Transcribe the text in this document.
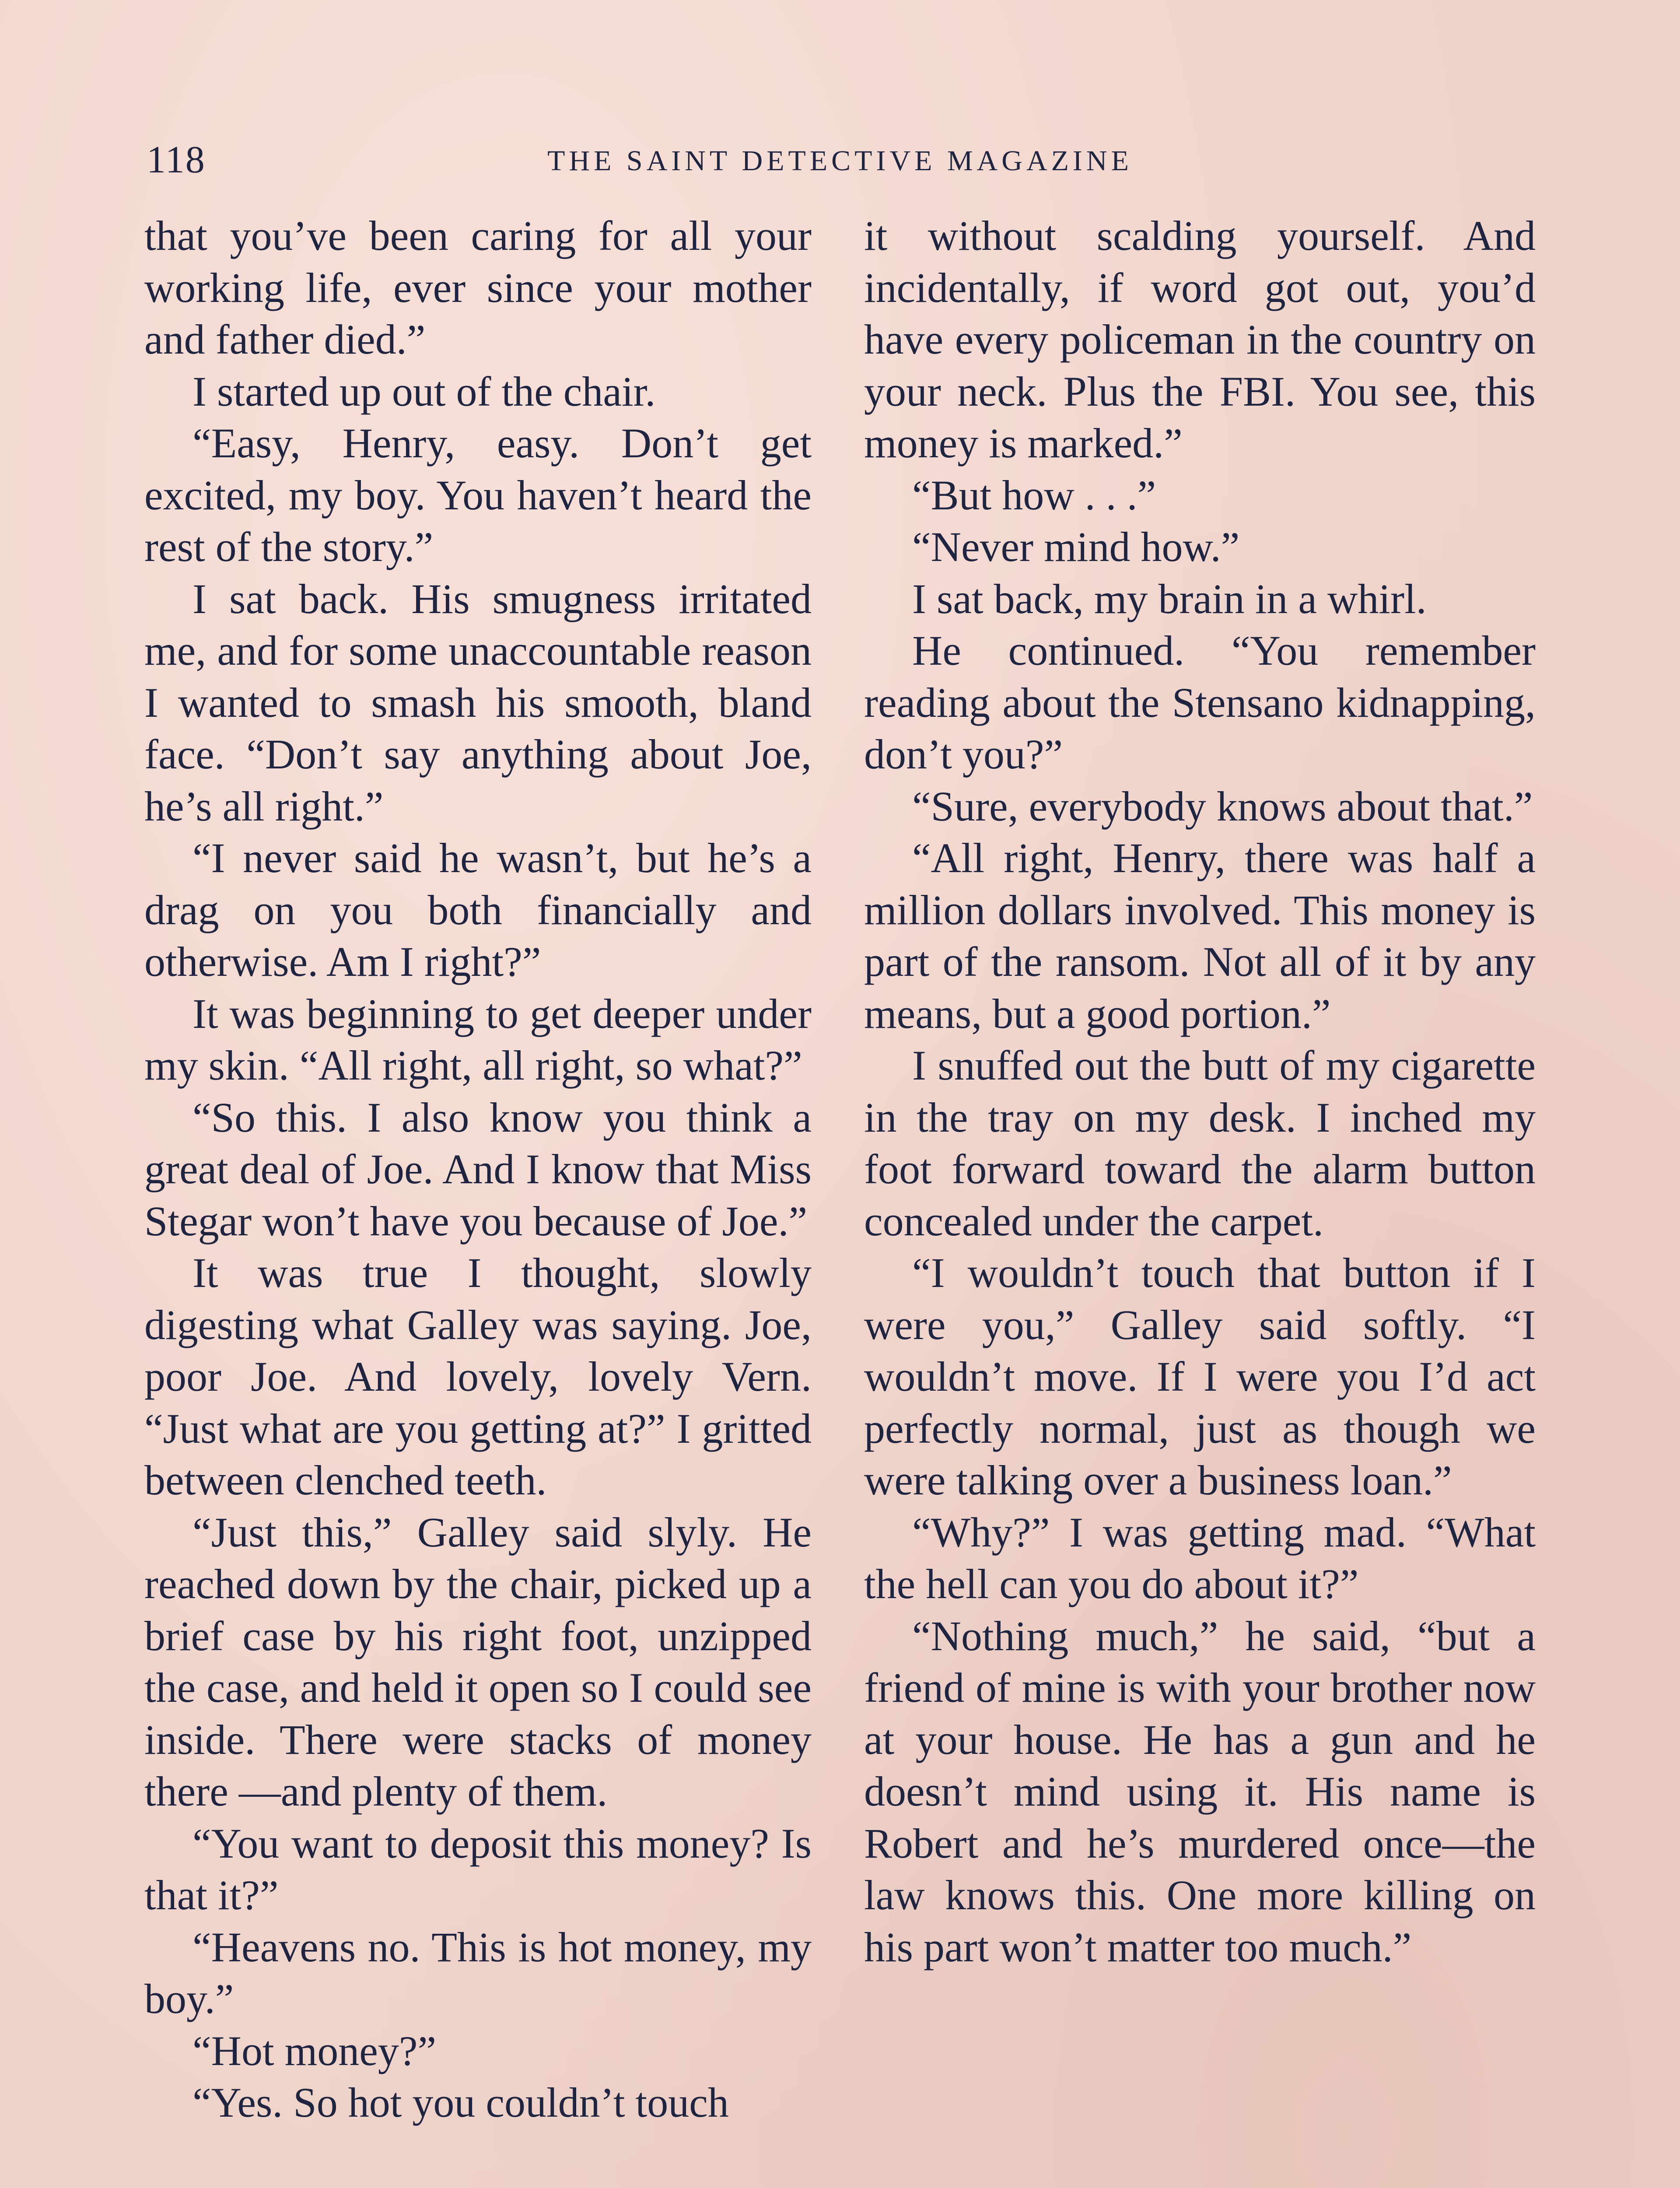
118	THE SAINT DETECTIVE MAGAZINE

that you’ve been caring for all your working life, ever since your mother and father died.”

I started up out of the chair.

“Easy, Henry, easy. Don’t get excited, my boy. You haven’t heard the rest of the story.”

I sat back. His smugness irritated me, and for some unaccountable reason I wanted to smash his smooth, bland face. “Don’t say anything about Joe, he’s all right.”

“I never said he wasn’t, but he’s a drag on you both financially and otherwise. Am I right?”

It was beginning to get deeper under my skin. “All right, all right, so what?”

“So this. I also know you think a great deal of Joe. And I know that Miss Stegar won’t have you because of Joe.”

It was true I thought, slowly digesting what Galley was saying. Joe, poor Joe. And lovely, lovely Vern. “Just what are you getting at?” I gritted between clenched teeth.

“Just this,” Galley said slyly. He reached down by the chair, picked up a brief case by his right foot, unzipped the case, and held it open so I could see inside. There were stacks of money there —and plenty of them.

“You want to deposit this money? Is that it?”

“Heavens no. This is hot money, my boy.”

“Hot money?”

“Yes. So hot you couldn’t touch

it without scalding yourself. And incidentally, if word got out, you’d have every policeman in the country on your neck. Plus the FBI. You see, this money is marked.”

“But how . . .”

“Never mind how.”

I sat back, my brain in a whirl.

He continued. “You remember reading about the Stensano kidnapping, don’t you?”

“Sure, everybody knows about that.”

“All right, Henry, there was half a million dollars involved. This money is part of the ransom. Not all of it by any means, but a good portion.”

I snuffed out the butt of my cigarette in the tray on my desk. I inched my foot forward toward the alarm button concealed under the carpet.

“I wouldn’t touch that button if I were you,” Galley said softly. “I wouldn’t move. If I were you I’d act perfectly normal, just as though we were talking over a business loan.”

“Why?” I was getting mad. “What the hell can you do about it?”

“Nothing much,” he said, “but a friend of mine is with your brother now at your house. He has a gun and he doesn’t mind using it. His name is Robert and he’s murdered once—the law knows this. One more killing on his part won’t matter too much.”
